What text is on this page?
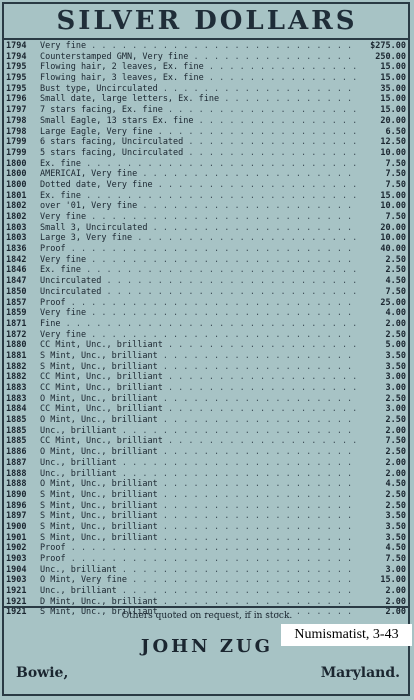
SILVER DOLLARS
1794 Very fine . . .	$275.00
1794 Counterstamped GMN, Very fine . . .	250.00
1795 Flowing hair, 2 leaves, Ex. fine . . .	15.00
1795 Flowing hair, 3 leaves, Ex. fine . . .	15.00
1795 Bust type, Uncirculated . . .	35.00
1796 Small date, large letters, Ex. fine . . .	15.00
1797 7 stars facing, Ex. fine . . .	15.00
1798 Small Eagle, 13 stars Ex. fine . . .	20.00
1798 Large Eagle, Very fine . . .	6.50
1799 6 stars facing, Uncirculated . . .	12.50
1799 5 stars facing, Uncirculated . . .	10.00
1800 Ex. fine . . .	7.50
1800 AMERICAI, Very fine . . .	7.50
1800 Dotted date, Very fine . . .	7.50
1801 Ex. fine . . .	15.00
1802 over '01, Very fine . . .	10.00
1802 Very fine . . .	7.50
1803 Small 3, Uncirculated . . .	20.00
1803 Large 3, Very fine . . .	10.00
1836 Proof . . .	40.00
1842 Very fine . . .	2.50
1846 Ex. fine . . .	2.50
1847 Uncirculated . . .	4.50
1850 Uncirculated . . .	7.50
1857 Proof . . .	25.00
1859 Very fine . . .	4.00
1871 Fine . . .	2.00
1872 Very fine . . .	2.50
1880 CC Mint, Unc., brilliant . . .	5.00
1881 S Mint, Unc., brilliant . . .	3.50
1882 S Mint, Unc., brilliant . . .	3.50
1882 CC Mint, Unc., brilliant . . .	3.00
1883 CC Mint, Unc., brilliant . . .	3.00
1883 O Mint, Unc., brilliant . . .	2.50
1884 CC Mint, Unc., brilliant . . .	3.00
1885 O Mint, Unc., brilliant . . .	2.50
1885 Unc., brilliant . . .	2.00
1885 CC Mint, Unc., brilliant . . .	7.50
1886 O Mint, Unc., brilliant . . .	2.50
1887 Unc., brilliant . . .	2.00
1888 Unc., brilliant . . .	2.00
1888 O Mint, Unc., brilliant . . .	4.50
1890 S Mint, Unc., brilliant . . .	2.50
1896 S Mint, Unc., brilliant . . .	2.50
1897 S Mint, Unc., brilliant . . .	3.50
1900 S Mint, Unc., brilliant . . .	3.50
1901 S Mint, Unc., brilliant . . .	3.50
1902 Proof . . .	4.50
1903 Proof . . .	7.50
1904 Unc., brilliant . . .	3.00
1903 O Mint, Very fine . . .	15.00
1921 Unc., brilliant . . .	2.00
1921 D Mint, Unc., brilliant . . .	2.00
1921 S Mint, Unc., brilliant . . .	2.00
Others quoted on request, if in stock.
Numismatist, 3-43
JOHN ZUG
Bowie,	Maryland.
